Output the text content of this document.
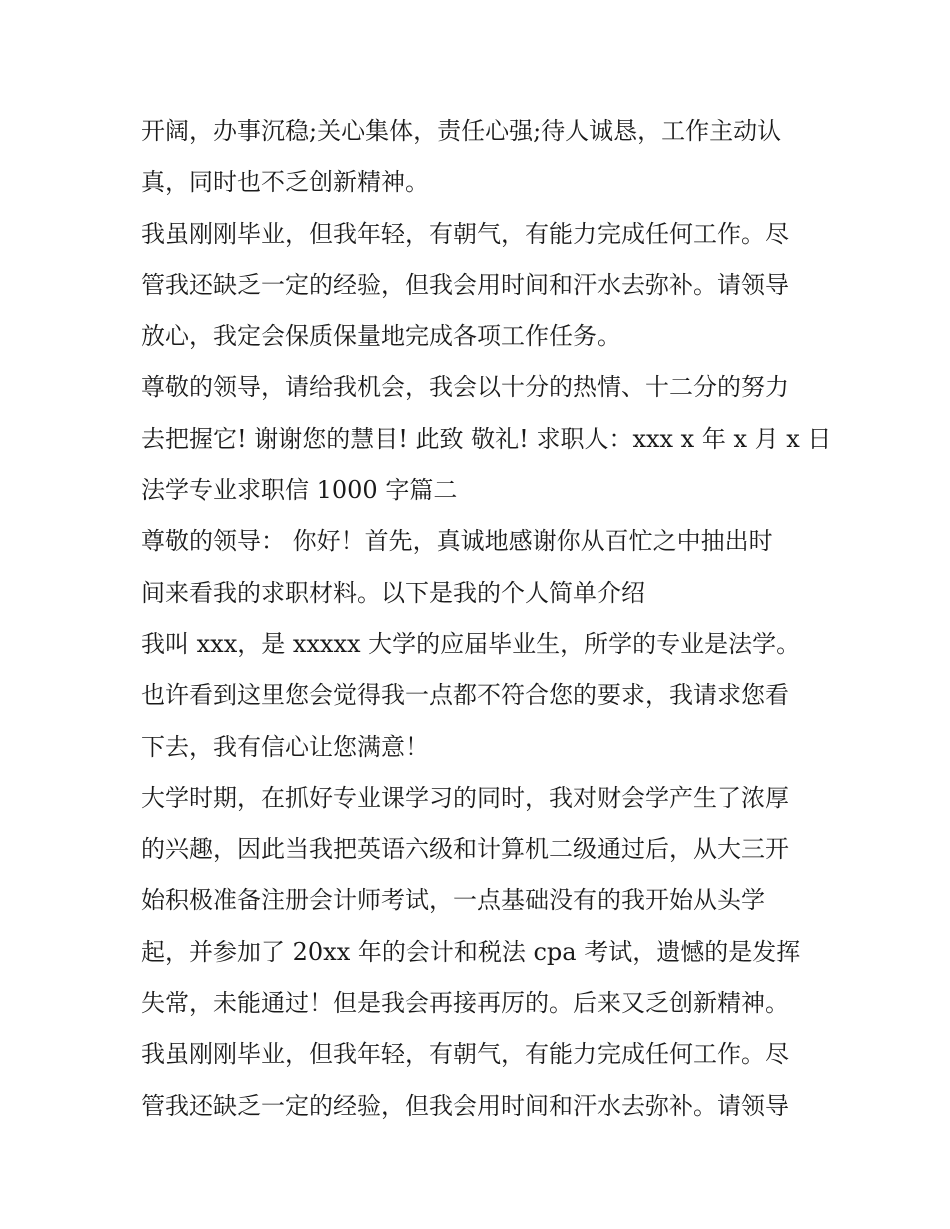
开阔，办事沉稳;关心集体，责任心强;待人诚恳，工作主动认
真，同时也不乏创新精神。
我虽刚刚毕业，但我年轻，有朝气，有能力完成任何工作。尽
管我还缺乏一定的经验，但我会用时间和汗水去弥补。请领导
放心，我定会保质保量地完成各项工作任务。
尊敬的领导，请给我机会，我会以十分的热情、十二分的努力
去把握它! 谢谢您的慧目! 此致 敬礼! 求职人：xxx x 年 x 月 x 日
法学专业求职信 1000 字篇二
尊敬的领导： 你好！首先，真诚地感谢你从百忙之中抽出时
间来看我的求职材料。以下是我的个人简单介绍
我叫 xxx，是 xxxxx 大学的应届毕业生，所学的专业是法学。
也许看到这里您会觉得我一点都不符合您的要求，我请求您看
下去，我有信心让您满意！
大学时期，在抓好专业课学习的同时，我对财会学产生了浓厚
的兴趣，因此当我把英语六级和计算机二级通过后，从大三开
始积极准备注册会计师考试，一点基础没有的我开始从头学
起，并参加了 20xx 年的会计和税法 cpa 考试，遗憾的是发挥
失常，未能通过！但是我会再接再厉的。后来又乏创新精神。
我虽刚刚毕业，但我年轻，有朝气，有能力完成任何工作。尽
管我还缺乏一定的经验，但我会用时间和汗水去弥补。请领导
